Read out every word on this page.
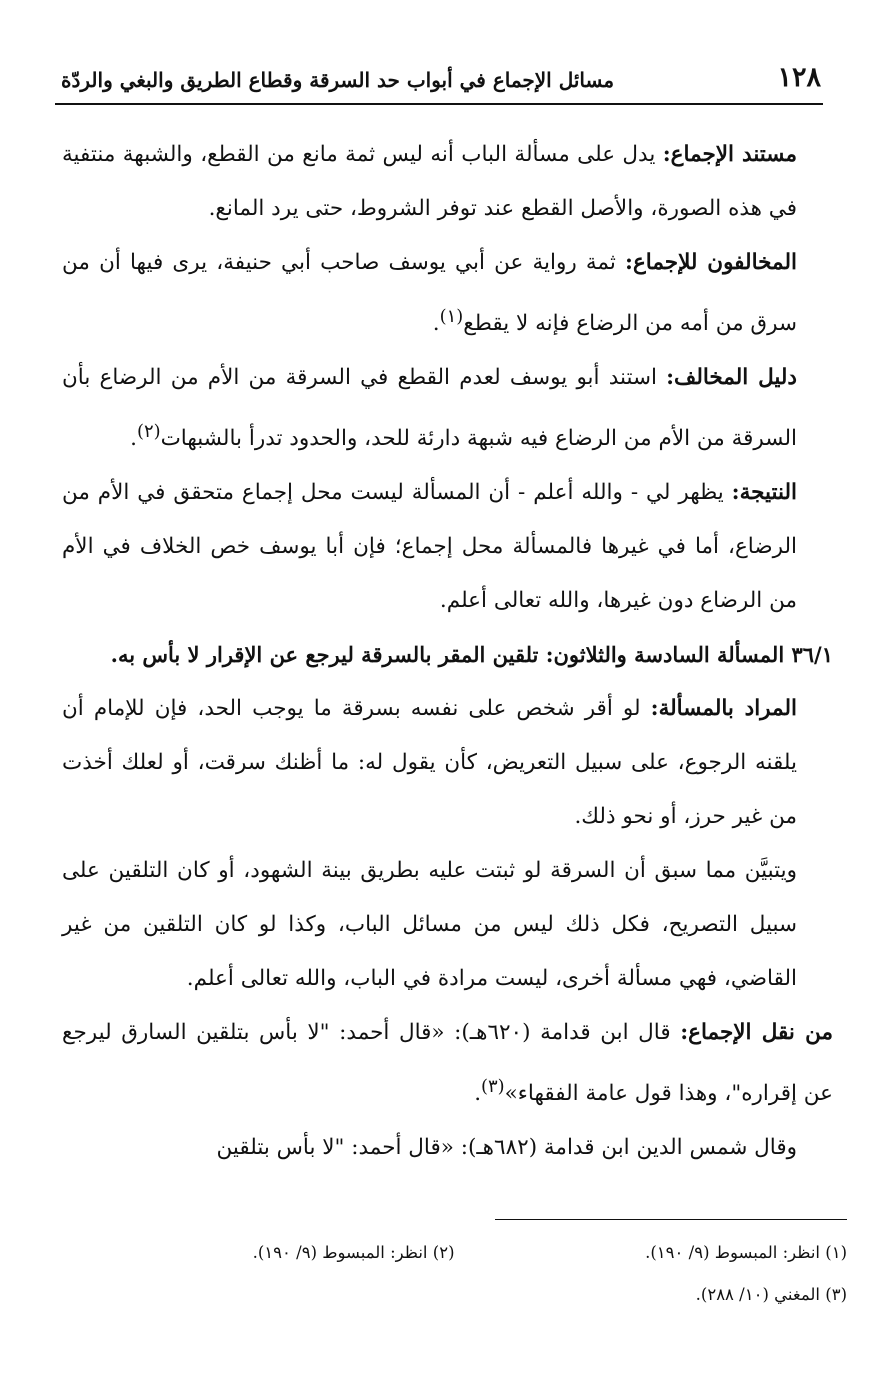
١٢٨
مسائل الإجماع في أبواب حد السرقة وقطاع الطريق والبغي والردّة

مستند الإجماع: يدل على مسألة الباب أنه ليس ثمة مانع من القطع، والشبهة منتفية في هذه الصورة، والأصل القطع عند توفر الشروط، حتى يرد المانع.

المخالفون للإجماع: ثمة رواية عن أبي يوسف صاحب أبي حنيفة، يرى فيها أن من سرق من أمه من الرضاع فإنه لا يقطع$^{(١)}$.

دليل المخالف: استند أبو يوسف لعدم القطع في السرقة من الأم من الرضاع بأن السرقة من الأم من الرضاع فيه شبهة دارئة للحد، والحدود تدرأ بالشبهات$^{(٢)}$.

النتيجة: يظهر لي - والله أعلم - أن المسألة ليست محل إجماع متحقق في الأم من الرضاع، أما في غيرها فالمسألة محل إجماع؛ فإن أبا يوسف خص الخلاف في الأم من الرضاع دون غيرها، والله تعالى أعلم.

٣٦/١ المسألة السادسة والثلاثون: تلقين المقر بالسرقة ليرجع عن الإقرار لا بأس به.

المراد بالمسألة: لو أقر شخص على نفسه بسرقة ما يوجب الحد، فإن للإمام أن يلقنه الرجوع، على سبيل التعريض، كأن يقول له: ما أظنك سرقت، أو لعلك أخذت من غير حرز، أو نحو ذلك.

ويتبيَّن مما سبق أن السرقة لو ثبتت عليه بطريق بينة الشهود، أو كان التلقين على سبيل التصريح، فكل ذلك ليس من مسائل الباب، وكذا لو كان التلقين من غير القاضي، فهي مسألة أخرى، ليست مرادة في الباب، والله تعالى أعلم.

من نقل الإجماع: قال ابن قدامة (٦٢٠هـ): «قال أحمد: "لا بأس بتلقين السارق ليرجع عن إقراره"، وهذا قول عامة الفقهاء»$^{(٣)}$.

وقال شمس الدين ابن قدامة (٦٨٢هـ): «قال أحمد: "لا بأس بتلقين

(١) انظر: المبسوط (٩/ ١٩٠).
(٢) انظر: المبسوط (٩/ ١٩٠).
(٣) المغني (١٠/ ٢٨٨).
